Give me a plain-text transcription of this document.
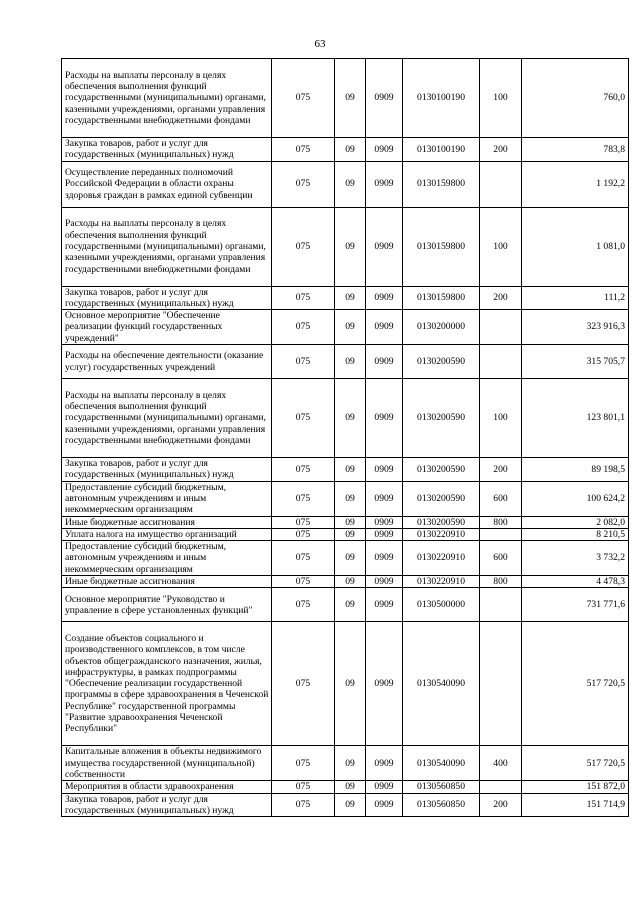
63
Расходы на выплаты персоналу в целях обеспечения выполнения функций государственными (муниципальными) органами, казенными учреждениями, органами управления государственными внебюджетными фондами	075	09	0909	0130100190	100	760,0
Закупка товаров, работ и услуг для государственных (муниципальных) нужд	075	09	0909	0130100190	200	783,8
Осуществление переданных полномочий Российской Федерации в области охраны здоровья граждан в рамках единой субвенции	075	09	0909	0130159800		1 192,2
Расходы на выплаты персоналу в целях обеспечения выполнения функций государственными (муниципальными) органами, казенными учреждениями, органами управления государственными внебюджетными фондами	075	09	0909	0130159800	100	1 081,0
Закупка товаров, работ и услуг для государственных (муниципальных) нужд	075	09	0909	0130159800	200	111,2
Основное мероприятие "Обеспечение реализации функций государственных учреждений"	075	09	0909	0130200000		323 916,3
Расходы на обеспечение деятельности (оказание услуг) государственных учреждений	075	09	0909	0130200590		315 705,7
Расходы на выплаты персоналу в целях обеспечения выполнения функций государственными (муниципальными) органами, казенными учреждениями, органами управления государственными внебюджетными фондами	075	09	0909	0130200590	100	123 801,1
Закупка товаров, работ и услуг для государственных (муниципальных) нужд	075	09	0909	0130200590	200	89 198,5
Предоставление субсидий бюджетным, автономным учреждениям и иным некоммерческим организациям	075	09	0909	0130200590	600	100 624,2
Иные бюджетные ассигнования	075	09	0909	0130200590	800	2 082,0
Уплата налога на имущество организаций	075	09	0909	0130220910		8 210,5
Предоставление субсидий бюджетным, автономным учреждениям и иным некоммерческим организациям	075	09	0909	0130220910	600	3 732,2
Иные бюджетные ассигнования	075	09	0909	0130220910	800	4 478,3
Основное мероприятие "Руководство и управление в сфере установленных функций"	075	09	0909	0130500000		731 771,6
Создание объектов социального и производственного комплексов, в том числе объектов общегражданского назначения, жилья, инфраструктуры, в рамках подпрограммы "Обеспечение реализации государственной программы в сфере здравоохранения в Чеченской Республике" государственной программы "Развитие здравоохранения Чеченской Республики"	075	09	0909	0130540090		517 720,5
Капитальные вложения в объекты недвижимого имущества государственной (муниципальной) собственности	075	09	0909	0130540090	400	517 720,5
Мероприятия в области здравоохранения	075	09	0909	0130560850		151 872,0
Закупка товаров, работ и услуг для государственных (муниципальных) нужд	075	09	0909	0130560850	200	151 714,9
